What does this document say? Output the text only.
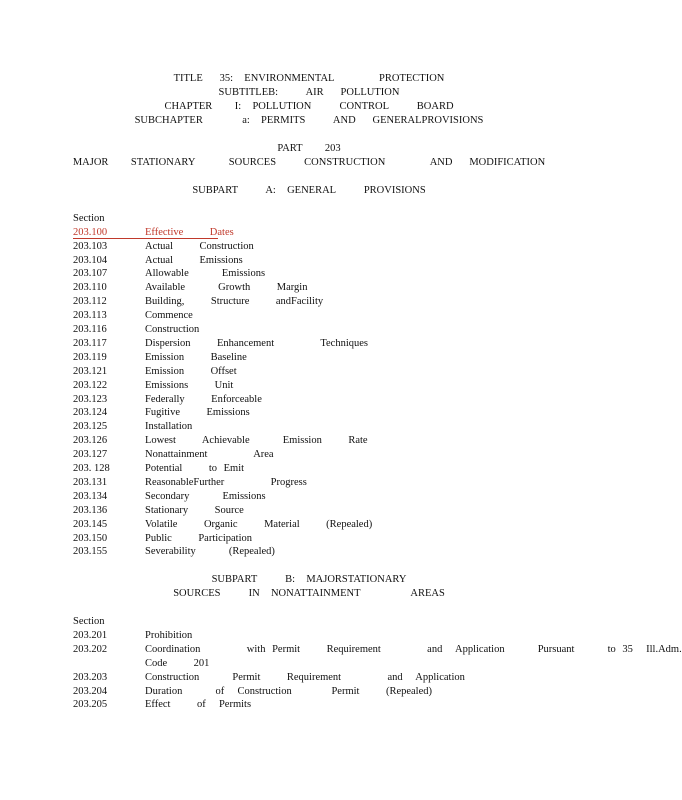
TITLE   35:  ENVIRONMENTAL        PROTECTION
SUBTITLEB:     AIR   POLLUTION
CHAPTER    I:  POLLUTION     CONTROL     BOARD
SUBCHAPTER       a:  PERMITS     AND   GENERALPROVISIONS
PART    203
MAJOR    STATIONARY      SOURCES     CONSTRUCTION        AND   MODIFICATION
SUBPART     A:  GENERAL     PROVISIONS
Section

203.100

	Effective    Dates

203.103

	Actual    Construction

203.104

	Actual    Emissions

203.107

	Allowable     Emissions

203.110

	Available     Growth    Margin

203.112

	Building,    Structure    andFacility

203.113

	Commence

203.116

	Construction

203.117

	Dispersion    Enhancement       Techniques

203.119

	Emission    Baseline

203.121

	Emission    Offset

203.122

	Emissions    Unit

203.123

	Federally    Enforceable

203.124

	Fugitive    Emissions

203.125

	Installation

203.126

	Lowest    Achievable     Emission    Rate

203.127

	Nonattainment       Area

203. 128

	Potential    to Emit

203.131

	ReasonableFurther       Progress

203.134

	Secondary     Emissions

203.136

	Stationary    Source

203.145

	Volatile    Organic    Material    (Repealed)

203.150

	Public    Participation

203.155

	Severability     (Repealed)

SUBPART     B:  MAJORSTATIONARY
SOURCES     IN  NONATTAINMENT         AREAS
Section

203.201

	Prohibition

203.202

	Coordination       with Permit    Requirement       and  Application     Pursuant     to 35  Ill.Adm.

Code    201

203.203

	Construction     Permit    Requirement       and  Application

203.204

	Duration     of  Construction      Permit    (Repealed)

203.205

	Effect    of  Permits
